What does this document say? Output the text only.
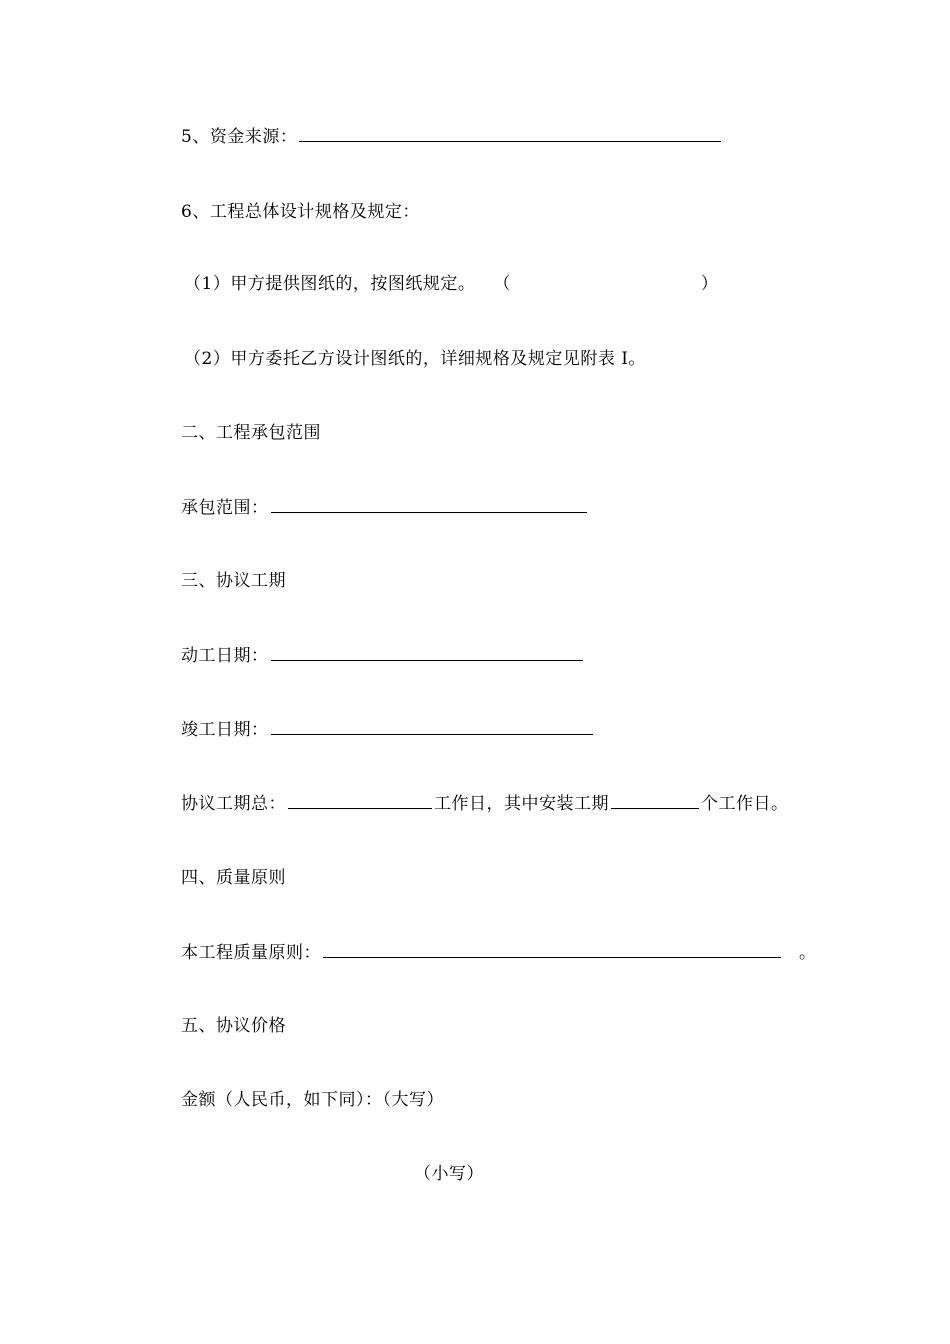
5、资金来源：
6、工程总体设计规格及规定：
（1）甲方提供图纸的，按图纸规定。 （	）
（2）甲方委托乙方设计图纸的，详细规格及规定见附表 I。
二、工程承包范围
承包范围：
三、协议工期
动工日期：
竣工日期：
协议工期总：	工作日，其中安装工期	个工作日。
四、质量原则
本工程质量原则：	。
五、协议价格
金额（人民币，如下同）：（大写）
（小写）
